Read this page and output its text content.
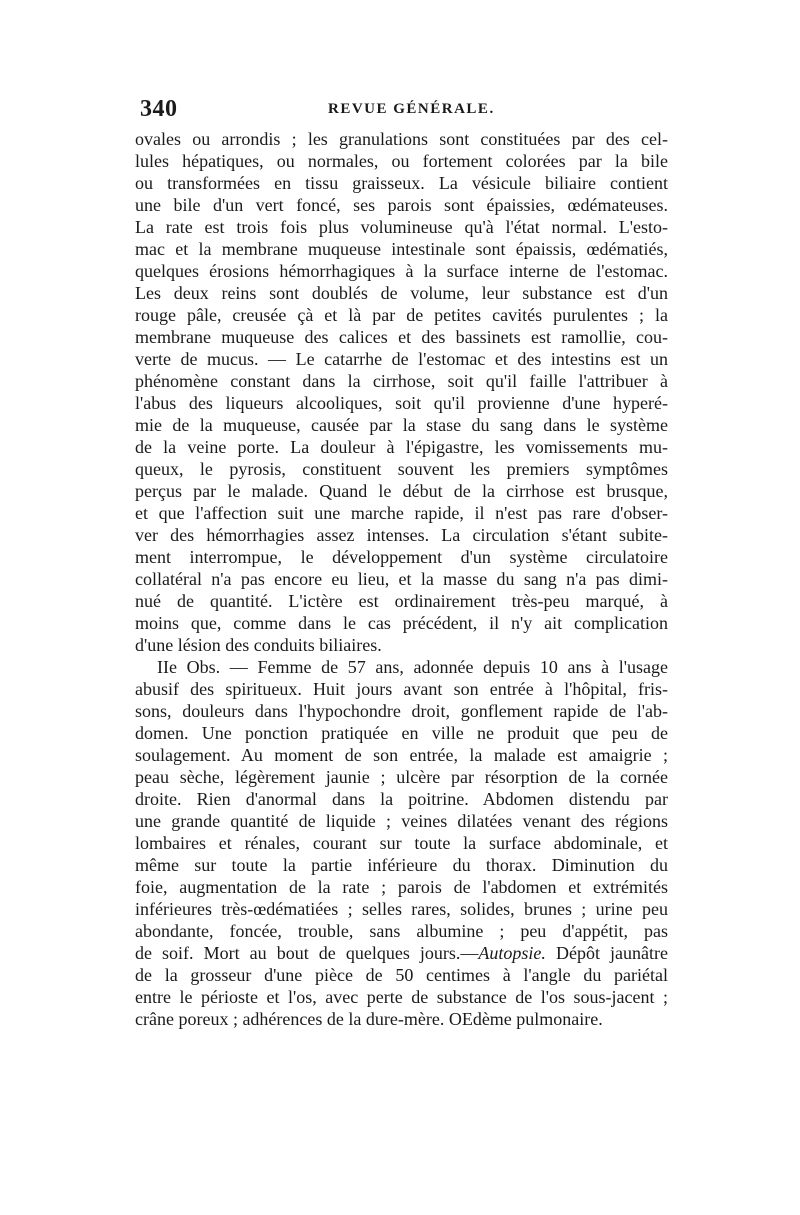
340	REVUE GÉNÉRALE.
ovales ou arrondis ; les granulations sont constituées par des cel-
lules hépatiques, ou normales, ou fortement colorées par la bile
ou transformées en tissu graisseux. La vésicule biliaire contient
une bile d'un vert foncé, ses parois sont épaissies, œdémateuses.
La rate est trois fois plus volumineuse qu'à l'état normal. L'esto-
mac et la membrane muqueuse intestinale sont épaissis, œdématiés,
quelques érosions hémorrhagiques à la surface interne de l'estomac.
Les deux reins sont doublés de volume, leur substance est d'un
rouge pâle, creusée çà et là par de petites cavités purulentes ; la
membrane muqueuse des calices et des bassinets est ramollie, cou-
verte de mucus. — Le catarrhe de l'estomac et des intestins est un
phénomène constant dans la cirrhose, soit qu'il faille l'attribuer à
l'abus des liqueurs alcooliques, soit qu'il provienne d'une hyperé-
mie de la muqueuse, causée par la stase du sang dans le système
de la veine porte. La douleur à l'épigastre, les vomissements mu-
queux, le pyrosis, constituent souvent les premiers symptômes
perçus par le malade. Quand le début de la cirrhose est brusque,
et que l'affection suit une marche rapide, il n'est pas rare d'obser-
ver des hémorrhagies assez intenses. La circulation s'étant subite-
ment interrompue, le développement d'un système circulatoire
collatéral n'a pas encore eu lieu, et la masse du sang n'a pas dimi-
nué de quantité. L'ictère est ordinairement très-peu marqué, à
moins que, comme dans le cas précédent, il n'y ait complication
d'une lésion des conduits biliaires.
IIe Obs. — Femme de 57 ans, adonnée depuis 10 ans à l'usage
abusif des spiritueux. Huit jours avant son entrée à l'hôpital, fris-
sons, douleurs dans l'hypochondre droit, gonflement rapide de l'ab-
domen. Une ponction pratiquée en ville ne produit que peu de
soulagement. Au moment de son entrée, la malade est amaigrie ;
peau sèche, légèrement jaunie ; ulcère par résorption de la cornée
droite. Rien d'anormal dans la poitrine. Abdomen distendu par
une grande quantité de liquide ; veines dilatées venant des régions
lombaires et rénales, courant sur toute la surface abdominale, et
même sur toute la partie inférieure du thorax. Diminution du
foie, augmentation de la rate ; parois de l'abdomen et extrémités
inférieures très-œdématiées ; selles rares, solides, brunes ; urine peu
abondante, foncée, trouble, sans albumine ; peu d'appétit, pas
de soif. Mort au bout de quelques jours.—Autopsie. Dépôt jaunâtre
de la grosseur d'une pièce de 50 centimes à l'angle du pariétal
entre le périoste et l'os, avec perte de substance de l'os sous-jacent ;
crâne poreux ; adhérences de la dure-mère. OEdème pulmonaire.
